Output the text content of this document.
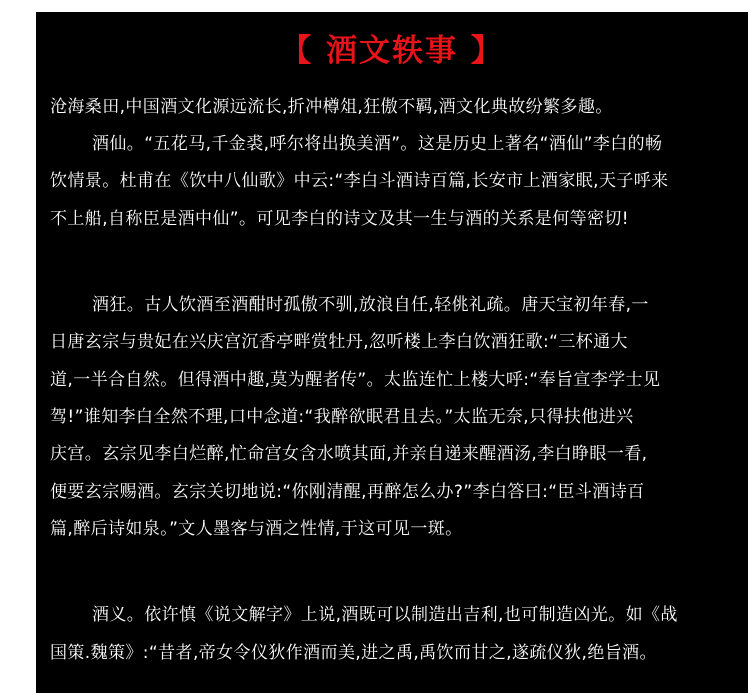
【 酒文轶事 】
沧海桑田,中国酒文化源远流长,折冲樽俎,狂傲不羁,酒文化典故纷繁多趣。
酒仙。“五花马,千金裘,呼尔将出换美酒”。这是历史上著名“酒仙”李白的畅
饮情景。杜甫在《饮中八仙歌》中云:“李白斗酒诗百篇,长安市上酒家眠,天子呼来
不上船,自称臣是酒中仙”。可见李白的诗文及其一生与酒的关系是何等密切!
酒狂。古人饮酒至酒酣时孤傲不驯,放浪自任,轻佻礼疏。唐天宝初年春,一
日唐玄宗与贵妃在兴庆宫沉香亭畔赏牡丹,忽听楼上李白饮酒狂歌:“三杯通大
道,一半合自然。但得酒中趣,莫为醒者传”。太监连忙上楼大呼:“奉旨宣李学士见
驾!”谁知李白全然不理,口中念道:“我醉欲眠君且去。”太监无奈,只得扶他进兴
庆宫。玄宗见李白烂醉,忙命宫女含水喷其面,并亲自递来醒酒汤,李白睁眼一看,
便要玄宗赐酒。玄宗关切地说:“你刚清醒,再醉怎么办?”李白答曰:“臣斗酒诗百
篇,醉后诗如泉。”文人墨客与酒之性情,于这可见一斑。
酒义。依许慎《说文解字》上说,酒既可以制造出吉利,也可制造凶光。如《战
国策.魏策》:“昔者,帝女令仪狄作酒而美,进之禹,禹饮而甘之,遂疏仪狄,绝旨酒。
